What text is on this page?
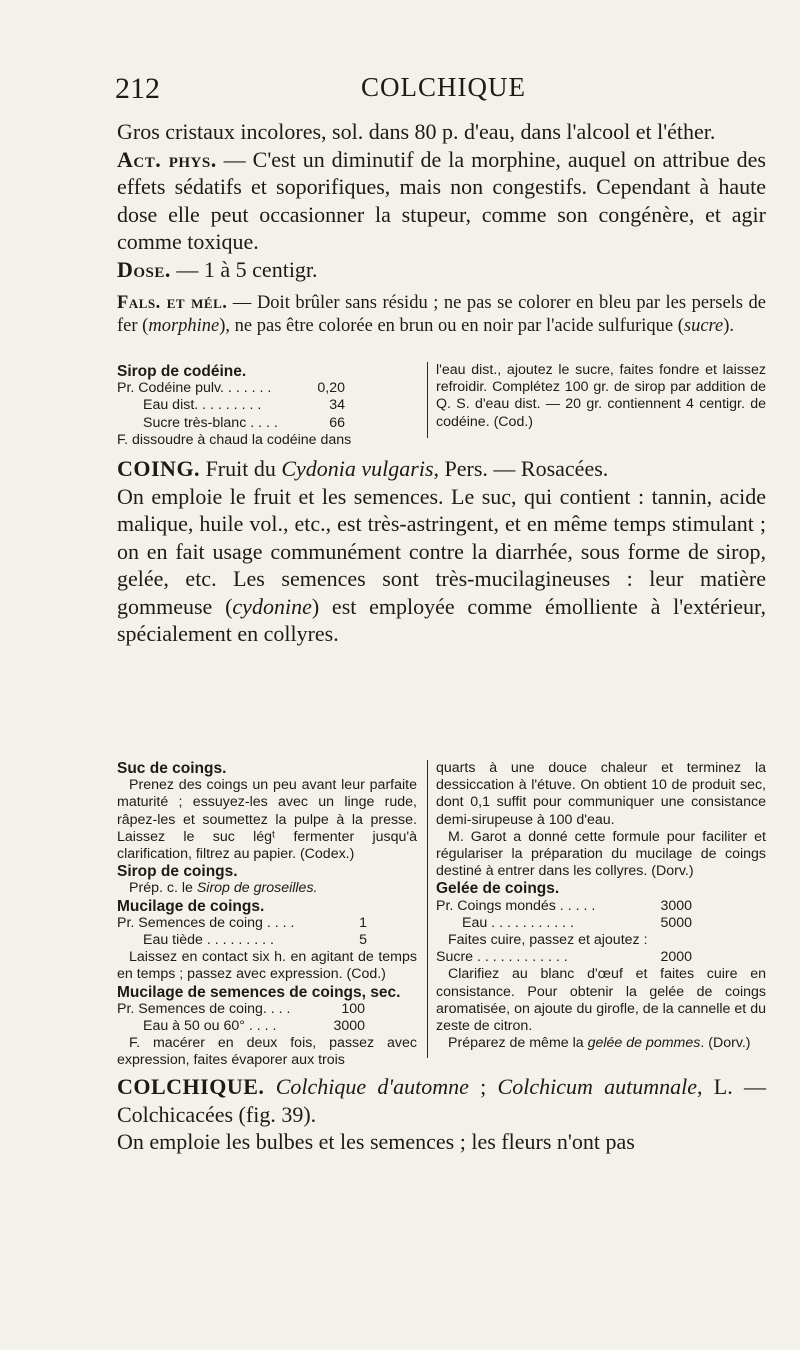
212	COLCHIQUE

Gros cristaux incolores, sol. dans 80 p. d'eau, dans l'alcool et l'éther.

Act. phys. — C'est un diminutif de la morphine, auquel on attribue des effets sédatifs et soporifiques, mais non congestifs. Cependant à haute dose elle peut occasionner la stupeur, comme son congénère, et agir comme toxique.

Dose. — 1 à 5 centigr.

Fals. et mél. — Doit brûler sans résidu ; ne pas se colorer en bleu par les persels de fer (morphine), ne pas être colorée en brun ou en noir par l'acide sulfurique (sucre).

Sirop de codéine.
Pr. Codéine pulv. . . . . . .	0,20
Eau dist. . . . . . . . .	34
Sucre très-blanc . . . .	66
F. dissoudre à chaud la codéine dans

l'eau dist., ajoutez le sucre, faites fondre et laissez refroidir. Complétez 100 gr. de sirop par addition de Q. S. d'eau dist. — 20 gr. contiennent 4 centigr. de codéine. (Cod.)

COING. Fruit du Cydonia vulgaris, Pers. — Rosacées.

On emploie le fruit et les semences. Le suc, qui contient : tannin, acide malique, huile vol., etc., est très-astringent, et en même temps stimulant ; on en fait usage communément contre la diarrhée, sous forme de sirop, gelée, etc. Les semences sont très-mucilagineuses : leur matière gommeuse (cydonine) est employée comme émolliente à l'extérieur, spécialement en collyres.

Suc de coings.

Prenez des coings un peu avant leur parfaite maturité ; essuyez-les avec un linge rude, râpez-les et soumettez la pulpe à la presse. Laissez le suc légᵗ fermenter jusqu'à clarification, filtrez au papier. (Codex.)

Sirop de coings.

Prép. c. le Sirop de groseilles.

Mucilage de coings.
Pr. Semences de coing . . . .	1
Eau tiède . . . . . . . . .	5

Laissez en contact six h. en agitant de temps en temps ; passez avec expression. (Cod.)

Mucilage de semences de coings, sec.
Pr. Semences de coing. . . .	100
Eau à 50 ou 60° . . . .	3000

F. macérer en deux fois, passez avec expression, faites évaporer aux trois

quarts à une douce chaleur et terminez la dessiccation à l'étuve. On obtient 10 de produit sec, dont 0,1 suffit pour communiquer une consistance demi-sirupeuse à 100 d'eau.

M. Garot a donné cette formule pour faciliter et régulariser la préparation du mucilage de coings destiné à entrer dans les collyres. (Dorv.)

Gelée de coings.
Pr. Coings mondés . . . . .	3000
Eau . . . . . . . . . . .	5000

Faites cuire, passez et ajoutez :

Sucre . . . . . . . . . . . .	2000

Clarifiez au blanc d'œuf et faites cuire en consistance. Pour obtenir la gelée de coings aromatisée, on ajoute du girofle, de la cannelle et du zeste de citron.

Préparez de même la gelée de pommes. (Dorv.)

COLCHIQUE. Colchique d'automne ; Colchicum autumnale, L. — Colchicacées (fig. 39).

On emploie les bulbes et les semences ; les fleurs n'ont pas
